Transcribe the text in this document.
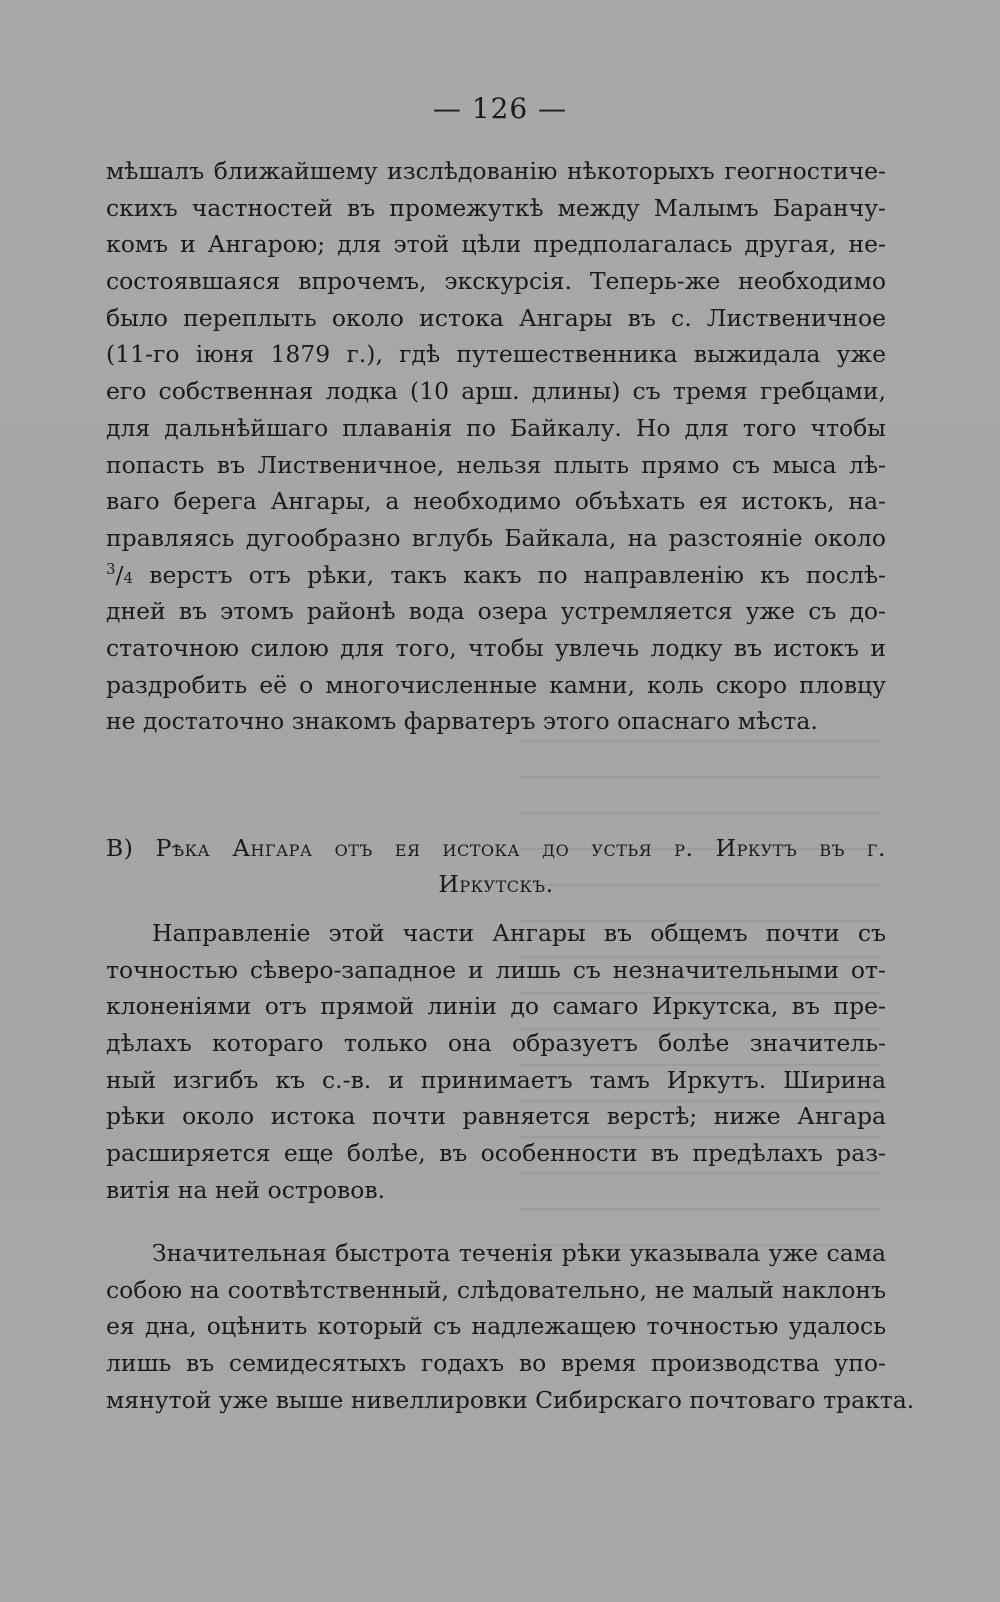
— 126 —
мѣшалъ ближайшему изслѣдованію нѣкоторыхъ геогностиче-
скихъ частностей въ промежуткѣ между Малымъ Баранчу-
комъ и Ангарою; для этой цѣли предполагалась другая, не-
состоявшаяся впрочемъ, экскурсія. Теперь-же необходимо
было переплыть около истока Ангары въ с. Лиственичное
(11-го іюня 1879 г.), гдѣ путешественника выжидала уже
его собственная лодка (10 арш. длины) съ тремя гребцами,
для дальнѣйшаго плаванія по Байкалу. Но для того чтобы
попасть въ Лиственичное, нельзя плыть прямо съ мыса лѣ-
ваго берега Ангары, а необходимо объѣхать ея истокъ, на-
правляясь дугообразно вглубь Байкала, на разстояніе около
$^3$/4 верстъ отъ рѣки, такъ какъ по направленію къ послѣ-
дней въ этомъ районѣ вода озера устремляется уже съ до-
статочною силою для того, чтобы увлечь лодку въ истокъ и
раздробить её о многочисленные камни, коль скоро пловцу
не достаточно знакомъ фарватеръ этого опаснаго мѣста.
B) Рѣка Ангара отъ ея истока до устья р. Иркутъ въ г.
Иркутскъ.
Направленіе этой части Ангары въ общемъ почти съ
точностью сѣверо-западное и лишь съ незначительными от-
клоненіями отъ прямой линіи до самаго Иркутска, въ пре-
дѣлахъ котораго только она образуетъ болѣе значитель-
ный изгибъ къ с.-в. и принимаетъ тамъ Иркутъ. Ширина
рѣки около истока почти равняется верстѣ; ниже Ангара
расширяется еще болѣе, въ особенности въ предѣлахъ раз-
витія на ней островов.
Значительная быстрота теченія рѣки указывала уже сама
собою на соотвѣтственный, слѣдовательно, не малый наклонъ
ея дна, оцѣнить который съ надлежащею точностью удалось
лишь въ семидесятыхъ годахъ во время производства упо-
мянутой уже выше нивеллировки Сибирскаго почтоваго тракта.
